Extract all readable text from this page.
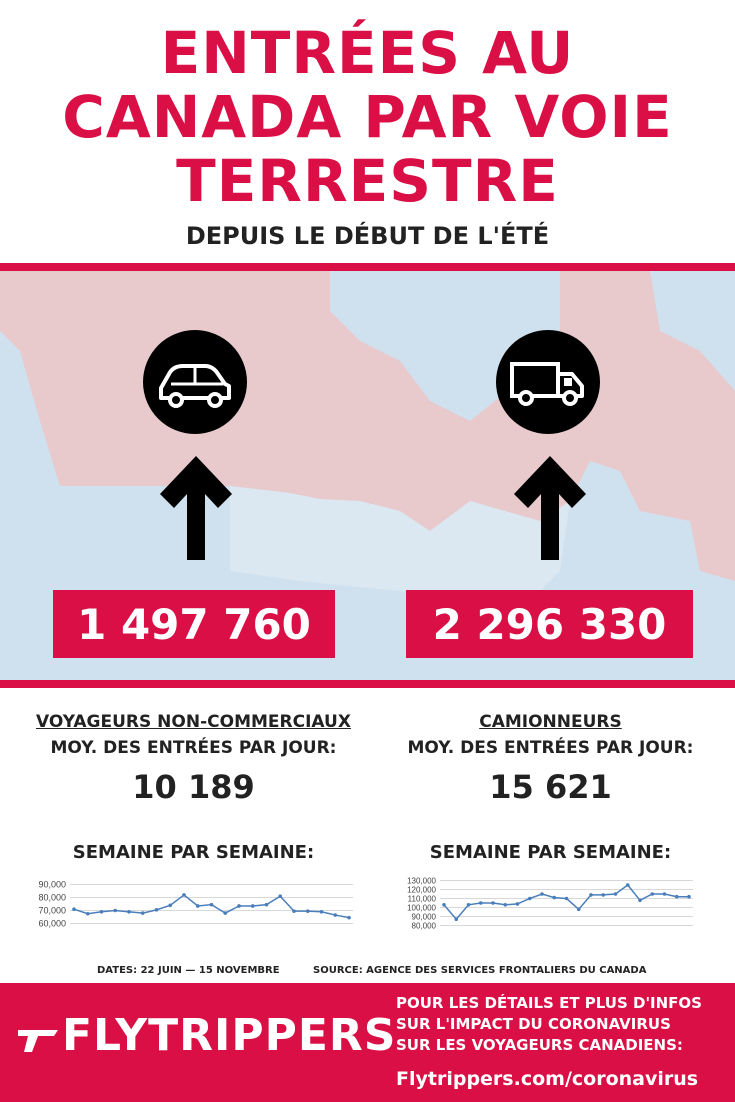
ENTRÉES AU
CANADA PAR VOIE
TERRESTRE
DEPUIS LE DÉBUT DE L'ÉTÉ
1 497 760	2 296 330
VOYAGEURS NON-COMMERCIAUX	CAMIONNEURS
MOY. DES ENTRÉES PAR JOUR:	MOY. DES ENTRÉES PAR JOUR:
10 189	15 621
SEMAINE PAR SEMAINE:	SEMAINE PAR SEMAINE:
90,000
80,000
70,000
60,000
130,000
120,000
110,000
100,000
90,000
80,000
DATES: 22 JUIN — 15 NOVEMBRE	SOURCE: AGENCE DES SERVICES FRONTALIERS DU CANADA
FLYTRIPPERS
POUR LES DÉTAILS ET PLUS D'INFOS
SUR L'IMPACT DU CORONAVIRUS
SUR LES VOYAGEURS CANADIENS:
Flytrippers.com/coronavirus
